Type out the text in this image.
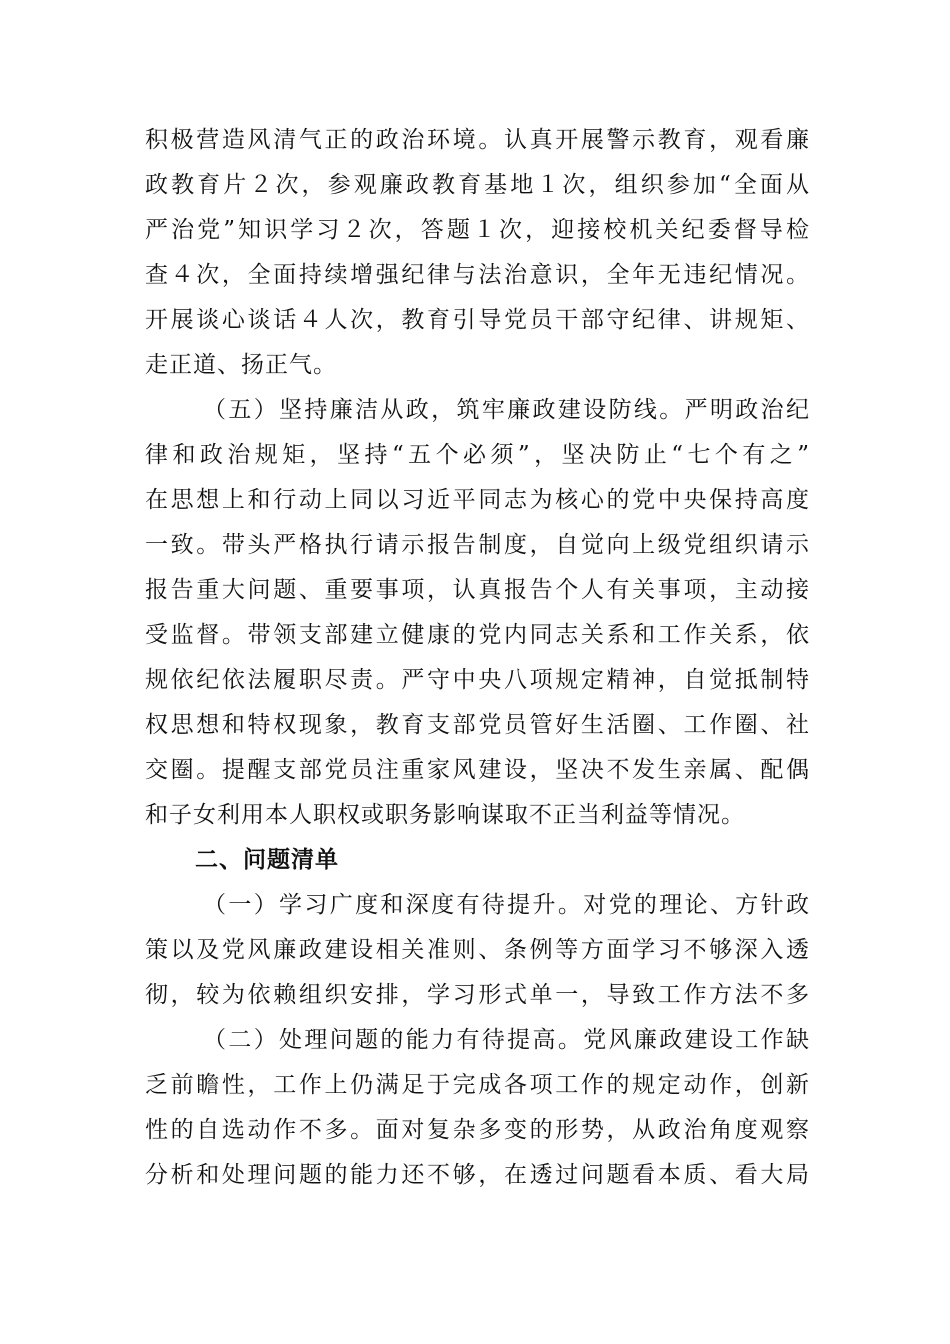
积极营造风清气正的政治环境。认真开展警示教育，观看廉
政教育片２次，参观廉政教育基地１次，组织参加“全面从
严治党”知识学习２次，答题１次，迎接校机关纪委督导检
查４次，全面持续增强纪律与法治意识，全年无违纪情况。
开展谈心谈话４人次，教育引导党员干部守纪律、讲规矩、
走正道、扬正气。
（五）坚持廉洁从政，筑牢廉政建设防线。严明政治纪
律和政治规矩，坚持“五个必须”，坚决防止“七个有之”
在思想上和行动上同以习近平同志为核心的党中央保持高度
一致。带头严格执行请示报告制度，自觉向上级党组织请示
报告重大问题、重要事项，认真报告个人有关事项，主动接
受监督。带领支部建立健康的党内同志关系和工作关系，依
规依纪依法履职尽责。严守中央八项规定精神，自觉抵制特
权思想和特权现象，教育支部党员管好生活圈、工作圈、社
交圈。提醒支部党员注重家风建设，坚决不发生亲属、配偶
和子女利用本人职权或职务影响谋取不正当利益等情况。
二、问题清单
（一）学习广度和深度有待提升。对党的理论、方针政
策以及党风廉政建设相关准则、条例等方面学习不够深入透
彻，较为依赖组织安排，学习形式单一，导致工作方法不多
（二）处理问题的能力有待提高。党风廉政建设工作缺
乏前瞻性，工作上仍满足于完成各项工作的规定动作，创新
性的自选动作不多。面对复杂多变的形势，从政治角度观察
分析和处理问题的能力还不够，在透过问题看本质、看大局
